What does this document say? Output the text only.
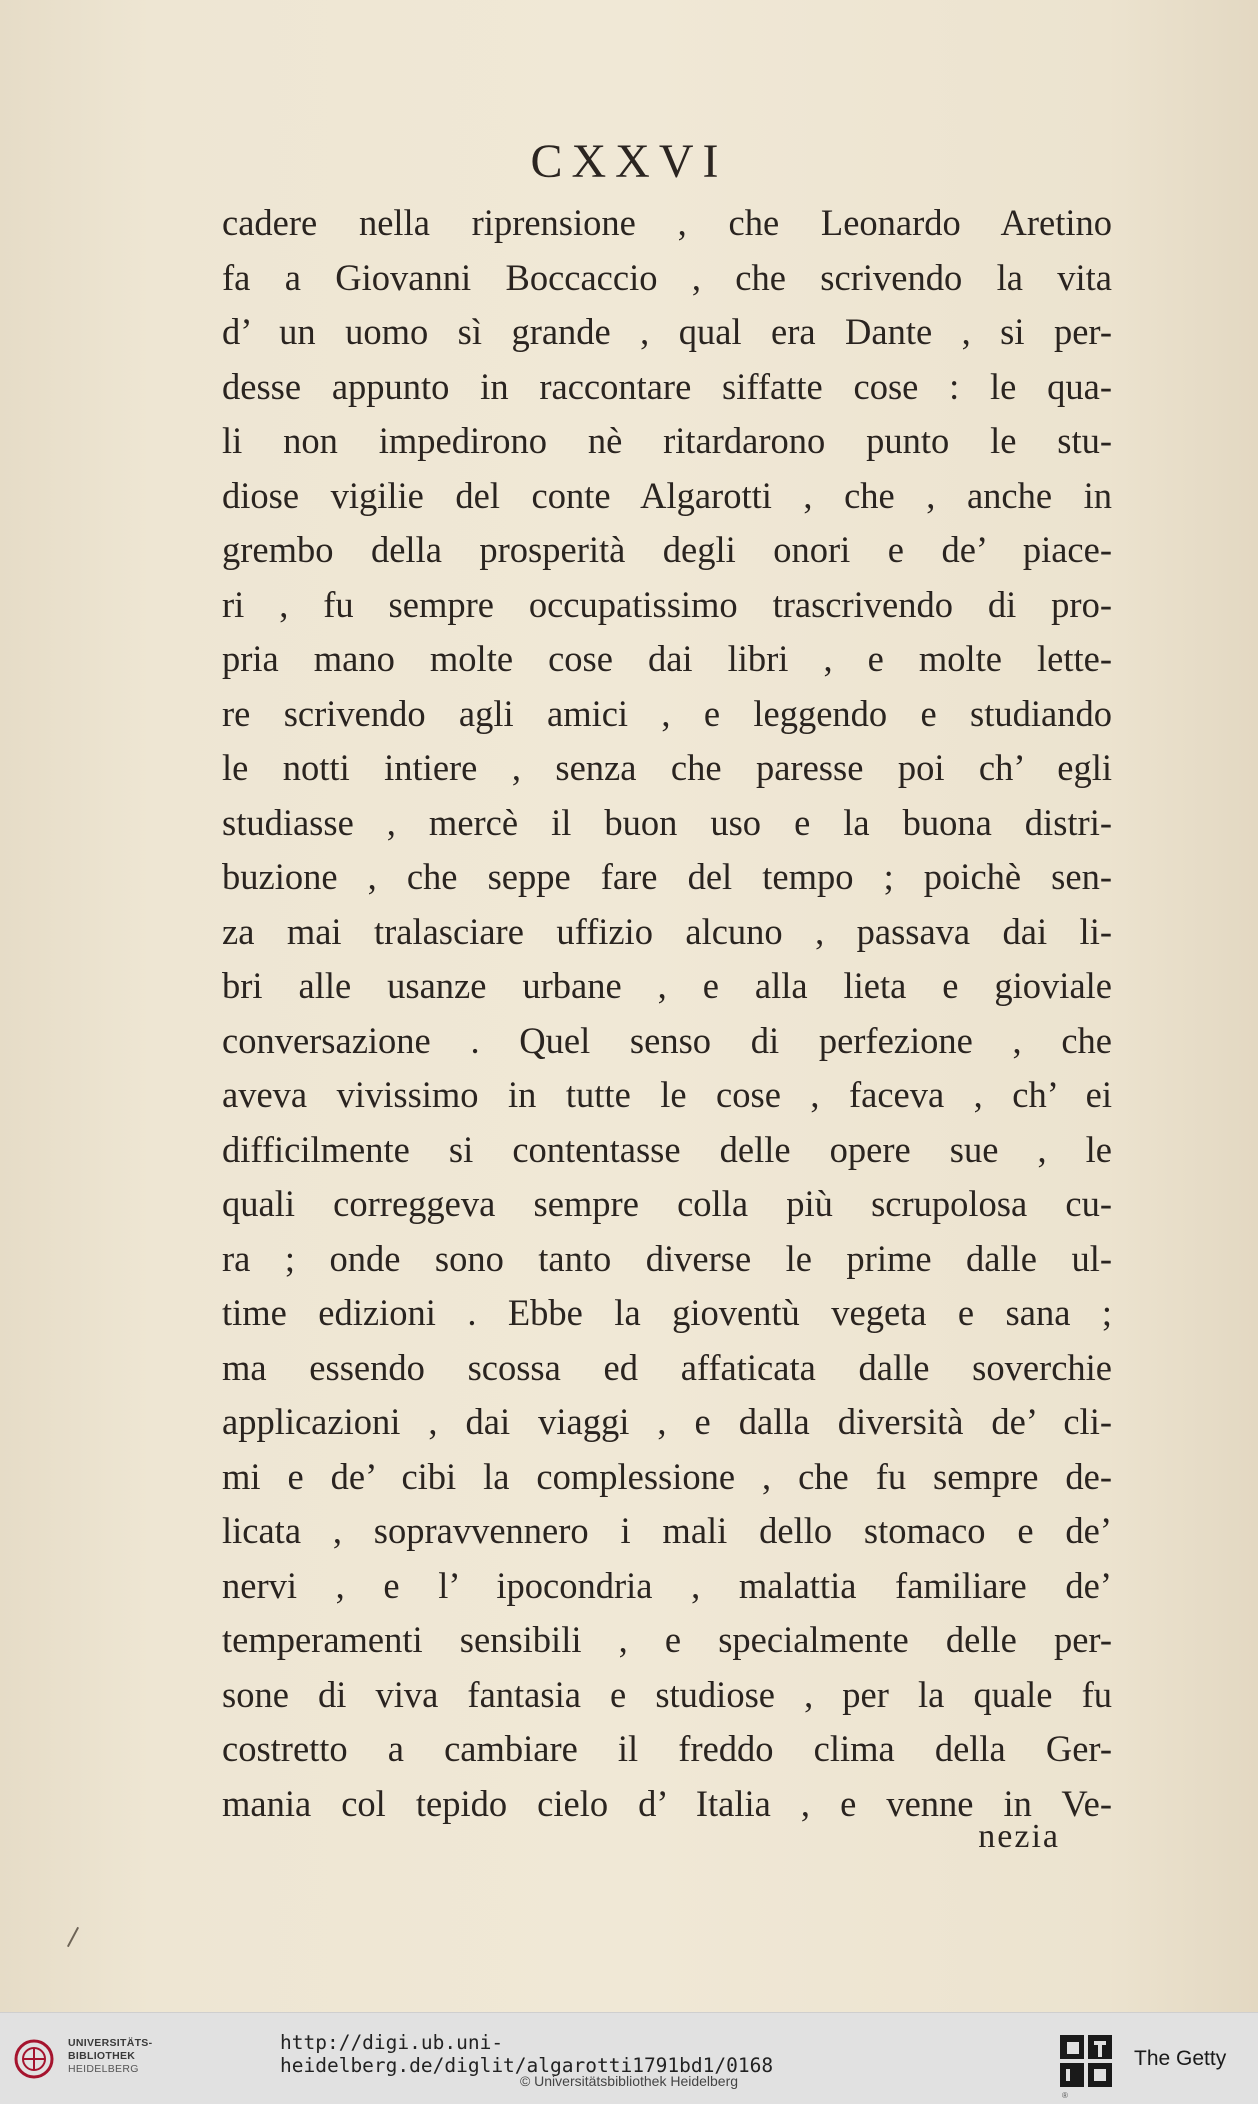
CXXVI
cadere nella riprensione , che Leonardo Aretino
fa a Giovanni Boccaccio , che scrivendo la vita
d’ un uomo sì grande , qual era Dante , si per-
desse appunto in raccontare siffatte cose : le qua-
li non impedirono nè ritardarono punto le stu-
diose vigilie del conte Algarotti , che , anche in
grembo della prosperità degli onori e de’ piace-
ri , fu sempre occupatissimo trascrivendo di pro-
pria mano molte cose dai libri , e molte lette-
re scrivendo agli amici , e leggendo e studiando
le notti intiere , senza che paresse poi ch’ egli
studiasse , mercè il buon uso e la buona distri-
buzione , che seppe fare del tempo ; poichè sen-
za mai tralasciare uffizio alcuno , passava dai li-
bri alle usanze urbane , e alla lieta e gioviale
conversazione . Quel senso di perfezione , che
aveva vivissimo in tutte le cose , faceva , ch’ ei
difficilmente si contentasse delle opere sue , le
quali correggeva sempre colla più scrupolosa cu-
ra ; onde sono tanto diverse le prime dalle ul-
time edizioni . Ebbe la gioventù vegeta e sana ;
ma essendo scossa ed affaticata dalle soverchie
applicazioni , dai viaggi , e dalla diversità de’ cli-
mi e de’ cibi la complessione , che fu sempre de-
licata , sopravvennero i mali dello stomaco e de’
nervi , e l’ ipocondria , malattia familiare de’
temperamenti sensibili , e specialmente delle per-
sone di viva fantasia e studiose , per la quale fu
costretto a cambiare il freddo clima della Ger-
mania col tepido cielo d’ Italia , e venne in Ve-
nezia
UNIVERSITÄTS-
BIBLIOTHEK
HEIDELBERG
http://digi.ub.uni-heidelberg.de/diglit/algarotti1791bd1/0168
© Universitätsbibliothek Heidelberg
®
The Getty
